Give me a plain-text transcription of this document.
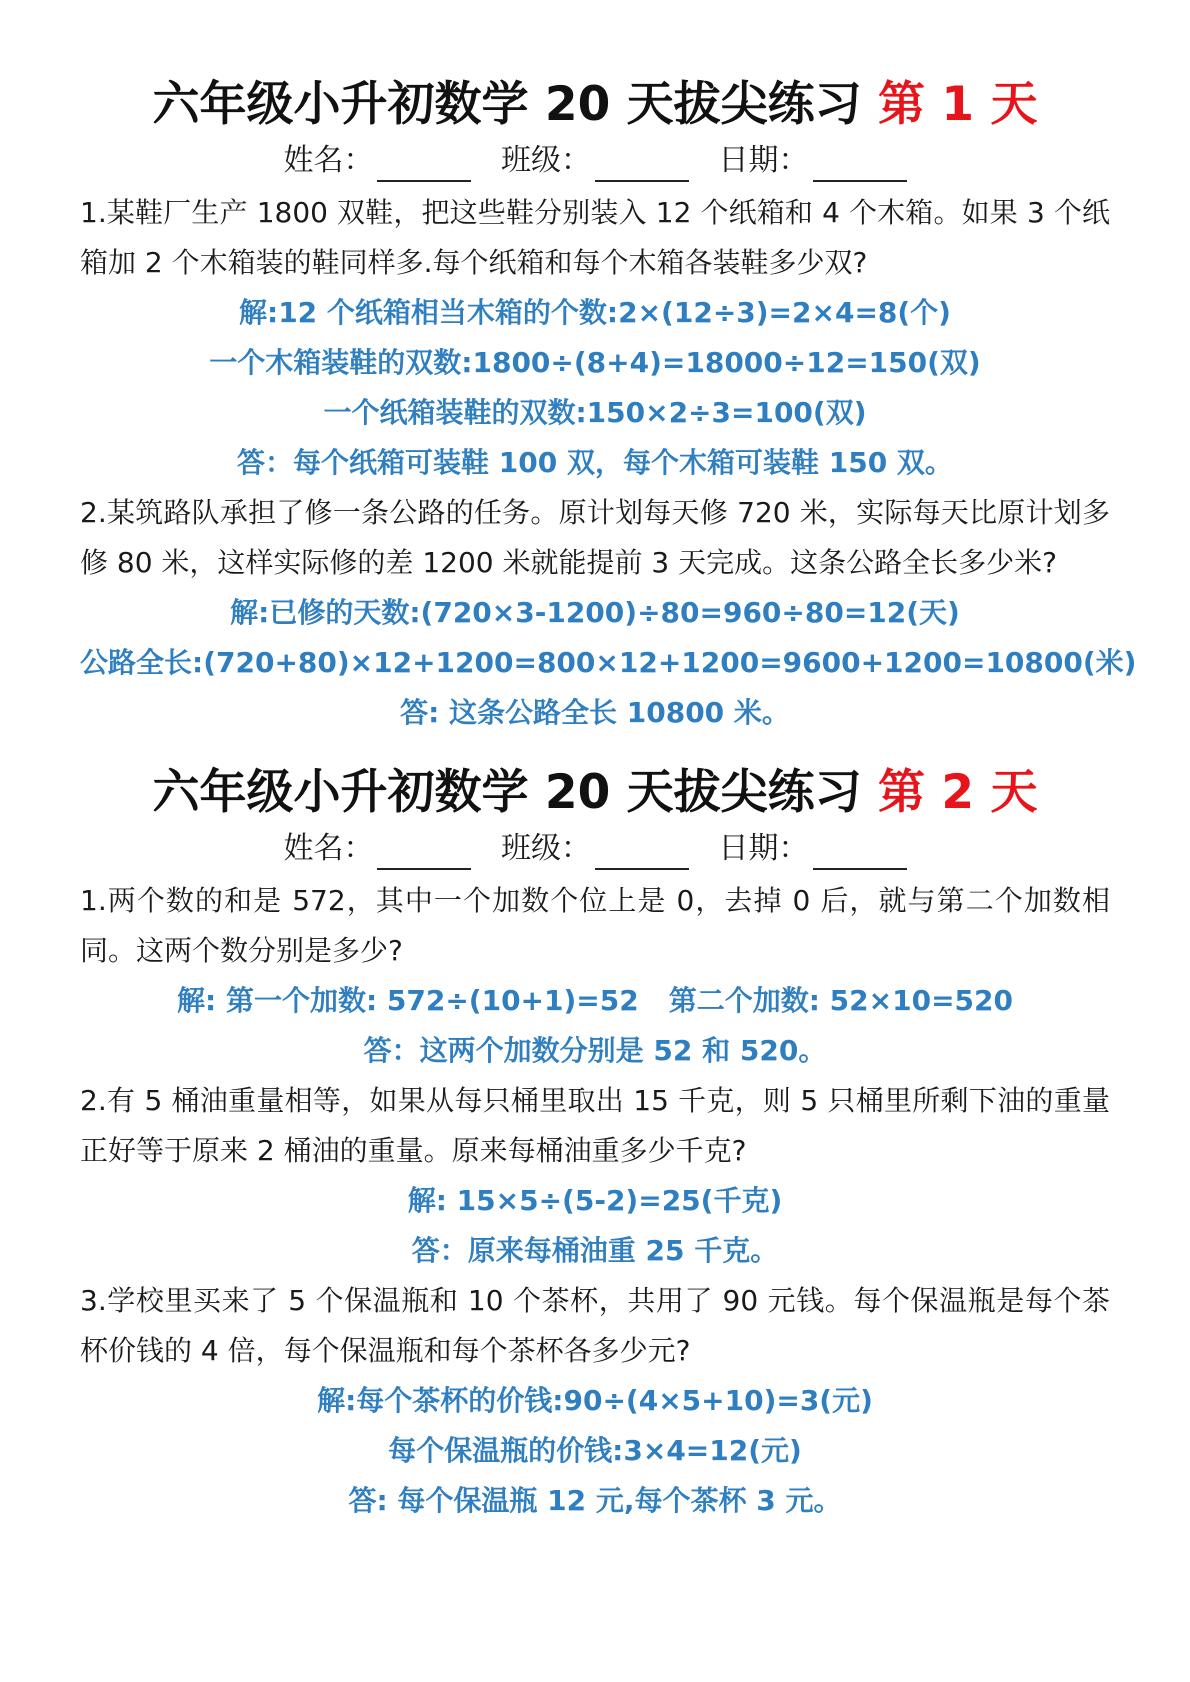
六年级小升初数学 20 天拔尖练习 第 1 天
姓名：	班级：	日期：

1.某鞋厂生产 1800 双鞋，把这些鞋分别装入 12 个纸箱和 4 个木箱。如果 3 个纸箱加 2 个木箱装的鞋同样多.每个纸箱和每个木箱各装鞋多少双?

解:12 个纸箱相当木箱的个数:2×(12÷3)=2×4=8(个)
一个木箱装鞋的双数:1800÷(8+4)=18000÷12=150(双)
一个纸箱装鞋的双数:150×2÷3=100(双)
答：每个纸箱可装鞋 100 双，每个木箱可装鞋 150 双。

2.某筑路队承担了修一条公路的任务。原计划每天修 720 米，实际每天比原计划多修 80 米，这样实际修的差 1200 米就能提前 3 天完成。这条公路全长多少米?

解:已修的天数:(720×3-1200)÷80=960÷80=12(天)
公路全长:(720+80)×12+1200=800×12+1200=9600+1200=10800(米)
答: 这条公路全长 10800 米。
六年级小升初数学 20 天拔尖练习 第 2 天
姓名：	班级：	日期：

1.两个数的和是 572，其中一个加数个位上是 0，去掉 0 后，就与第二个加数相同。这两个数分别是多少?

解: 第一个加数: 572÷(10+1)=52 第二个加数: 52×10=520
答：这两个加数分别是 52 和 520。

2.有 5 桶油重量相等，如果从每只桶里取出 15 千克，则 5 只桶里所剩下油的重量正好等于原来 2 桶油的重量。原来每桶油重多少千克?

解: 15×5÷(5-2)=25(千克)
答：原来每桶油重 25 千克。

3.学校里买来了 5 个保温瓶和 10 个茶杯，共用了 90 元钱。每个保温瓶是每个茶杯价钱的 4 倍，每个保温瓶和每个茶杯各多少元?

解:每个茶杯的价钱:90÷(4×5+10)=3(元)
每个保温瓶的价钱:3×4=12(元)
答: 每个保温瓶 12 元,每个茶杯 3 元。
